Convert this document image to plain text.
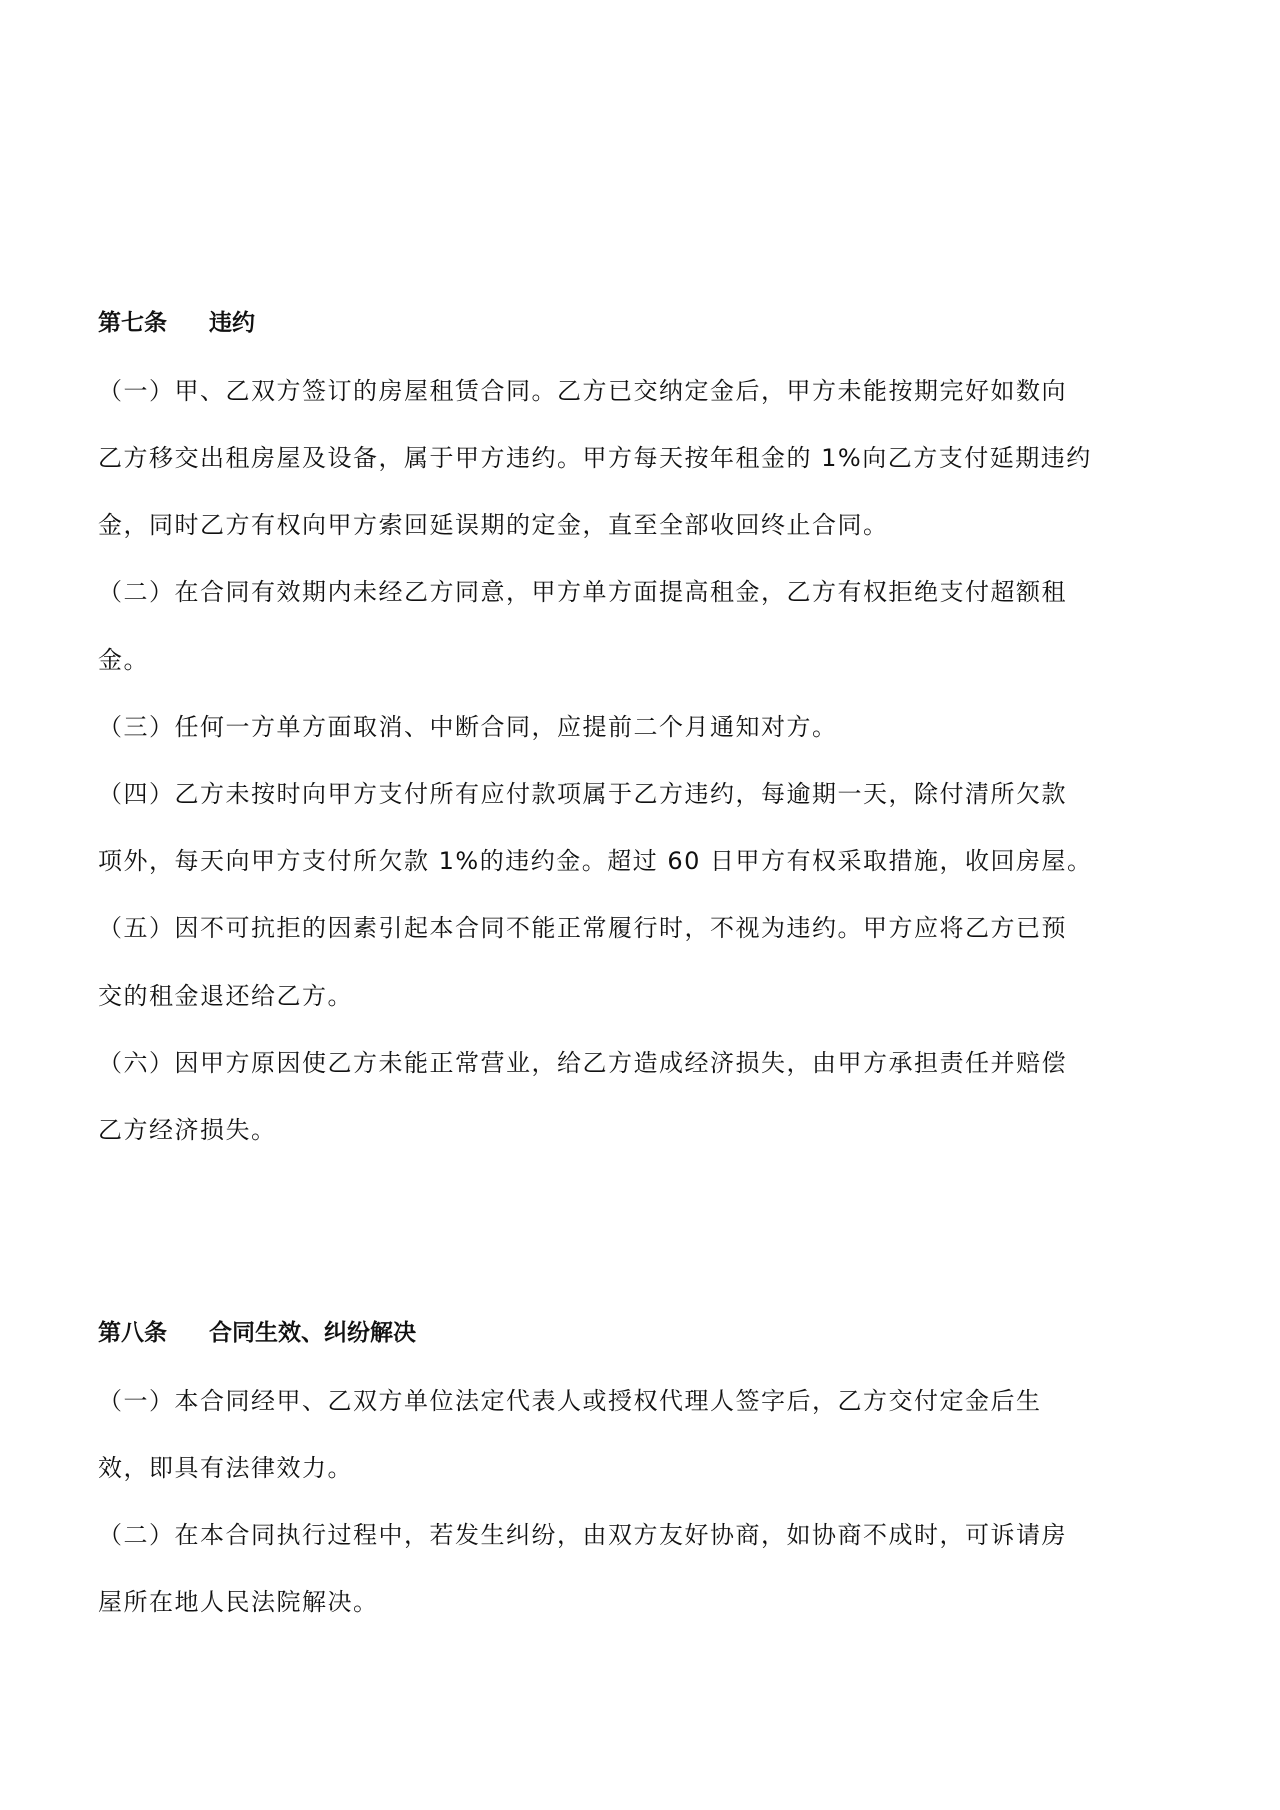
第七条 违约
（一）甲、乙双方签订的房屋租赁合同。乙方已交纳定金后，甲方未能按期完好如数向
乙方移交出租房屋及设备，属于甲方违约。甲方每天按年租金的 1%向乙方支付延期违约
金，同时乙方有权向甲方索回延误期的定金，直至全部收回终止合同。
（二）在合同有效期内未经乙方同意，甲方单方面提高租金，乙方有权拒绝支付超额租
金。
（三）任何一方单方面取消、中断合同，应提前二个月通知对方。
（四）乙方未按时向甲方支付所有应付款项属于乙方违约，每逾期一天，除付清所欠款
项外，每天向甲方支付所欠款 1%的违约金。超过 60 日甲方有权采取措施，收回房屋。
（五）因不可抗拒的因素引起本合同不能正常履行时，不视为违约。甲方应将乙方已预
交的租金退还给乙方。
（六）因甲方原因使乙方未能正常营业，给乙方造成经济损失，由甲方承担责任并赔偿
乙方经济损失。
第八条 合同生效、纠纷解决
（一）本合同经甲、乙双方单位法定代表人或授权代理人签字后，乙方交付定金后生
效，即具有法律效力。
（二）在本合同执行过程中，若发生纠纷，由双方友好协商，如协商不成时，可诉请房
屋所在地人民法院解决。
